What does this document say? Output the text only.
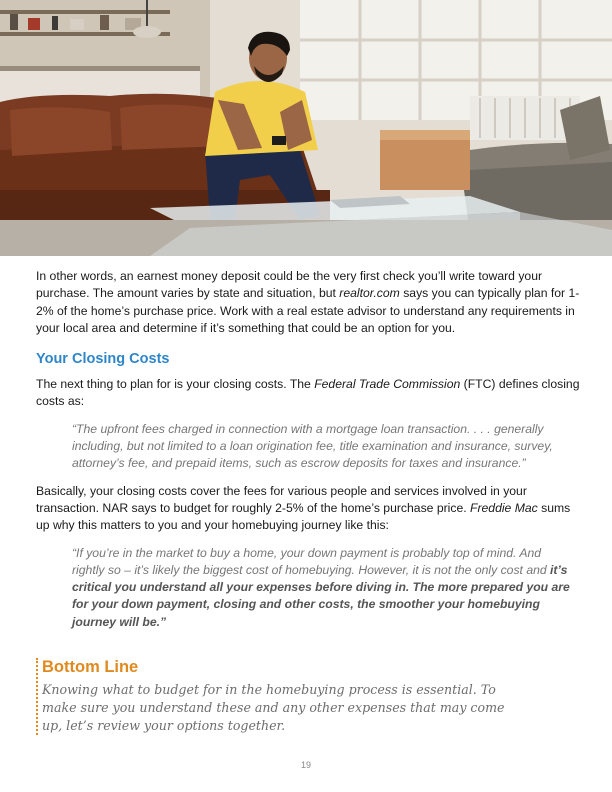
In other words, an earnest money deposit could be the very first check you’ll write toward your purchase. The amount varies by state and situation, but realtor.com says you can typically plan for 1-2% of the home’s purchase price. Work with a real estate advisor to understand any requirements in your local area and determine if it’s something that could be an option for you.

Your Closing Costs

The next thing to plan for is your closing costs. The Federal Trade Commission (FTC) defines closing costs as:

“The upfront fees charged in connection with a mortgage loan transaction. . . . generally including, but not limited to a loan origination fee, title examination and insurance, survey, attorney’s fee, and prepaid items, such as escrow deposits for taxes and insurance.”

Basically, your closing costs cover the fees for various people and services involved in your transaction. NAR says to budget for roughly 2-5% of the home’s purchase price. Freddie Mac sums up why this matters to you and your homebuying journey like this:

“If you’re in the market to buy a home, your down payment is probably top of mind. And rightly so – it’s likely the biggest cost of homebuying. However, it is not the only cost and it’s critical you understand all your expenses before diving in. The more prepared you are for your down payment, closing and other costs, the smoother your homebuying journey will be.”

Bottom Line

Knowing what to budget for in the homebuying process is essential. To make sure you understand these and any other expenses that may come up, let’s review your options together.

19
